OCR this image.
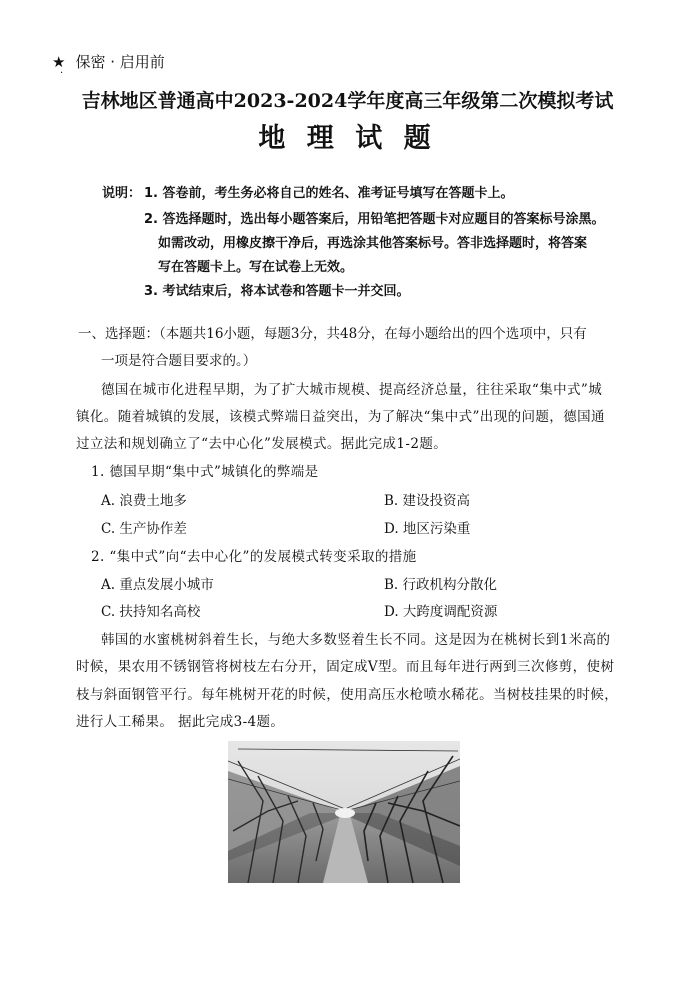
★ 保密 · 启用前
·
吉林地区普通高中2023-2024学年度高三年级第二次模拟考试
地 理 试 题
说明： 1. 答卷前，考生务必将自己的姓名、准考证号填写在答题卡上。
2. 答选择题时，选出每小题答案后，用铅笔把答题卡对应题目的答案标号涂黑。
如需改动，用橡皮擦干净后，再选涂其他答案标号。答非选择题时，将答案
写在答题卡上。写在试卷上无效。
3. 考试结束后，将本试卷和答题卡一并交回。
一、选择题：（本题共16小题，每题3分，共48分，在每小题给出的四个选项中，只有
一项是符合题目要求的。）
德国在城市化进程早期，为了扩大城市规模、提高经济总量，往往采取“集中式”城
镇化。随着城镇的发展，该模式弊端日益突出，为了解决“集中式”出现的问题，德国通
过立法和规划确立了“去中心化”发展模式。据此完成1-2题。
1. 德国早期“集中式”城镇化的弊端是
A. 浪费土地多	B. 建设投资高
C. 生产协作差	D. 地区污染重
2. “集中式”向“去中心化”的发展模式转变采取的措施
A. 重点发展小城市	B. 行政机构分散化
C. 扶持知名高校	D. 大跨度调配资源
韩国的水蜜桃树斜着生长，与绝大多数竖着生长不同。这是因为在桃树长到1米高的
时候，果农用不锈钢管将树枝左右分开，固定成V型。而且每年进行两到三次修剪，使树
枝与斜面钢管平行。每年桃树开花的时候，使用高压水枪喷水稀花。当树枝挂果的时候，
进行人工稀果。 据此完成3-4题。
